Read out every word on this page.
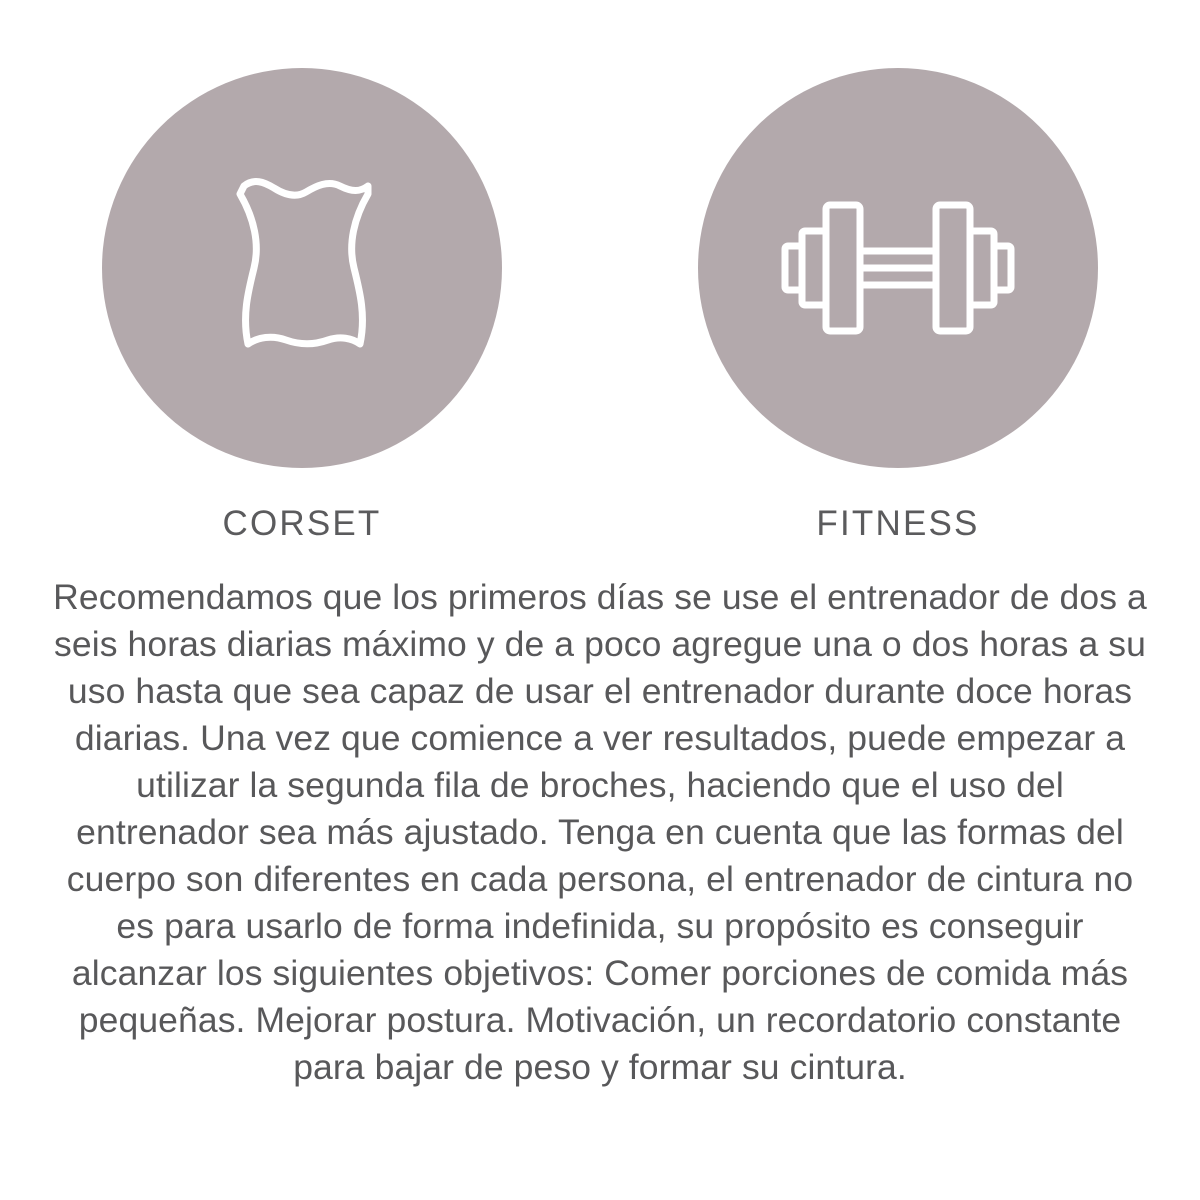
CORSET	FITNESS
Recomendamos que los primeros días se use el entrenador de dos a seis horas diarias máximo y de a poco agregue una o dos horas a su uso hasta que sea capaz de usar el entrenador durante doce horas diarias. Una vez que comience a ver resultados, puede empezar a utilizar la segunda fila de broches, haciendo que el uso del entrenador sea más ajustado. Tenga en cuenta que las formas del cuerpo son diferentes en cada persona, el entrenador de cintura no es para usarlo de forma indefinida, su propósito es conseguir alcanzar los siguientes objetivos: Comer porciones de comida más pequeñas. Mejorar postura. Motivación, un recordatorio constante para bajar de peso y formar su cintura.
